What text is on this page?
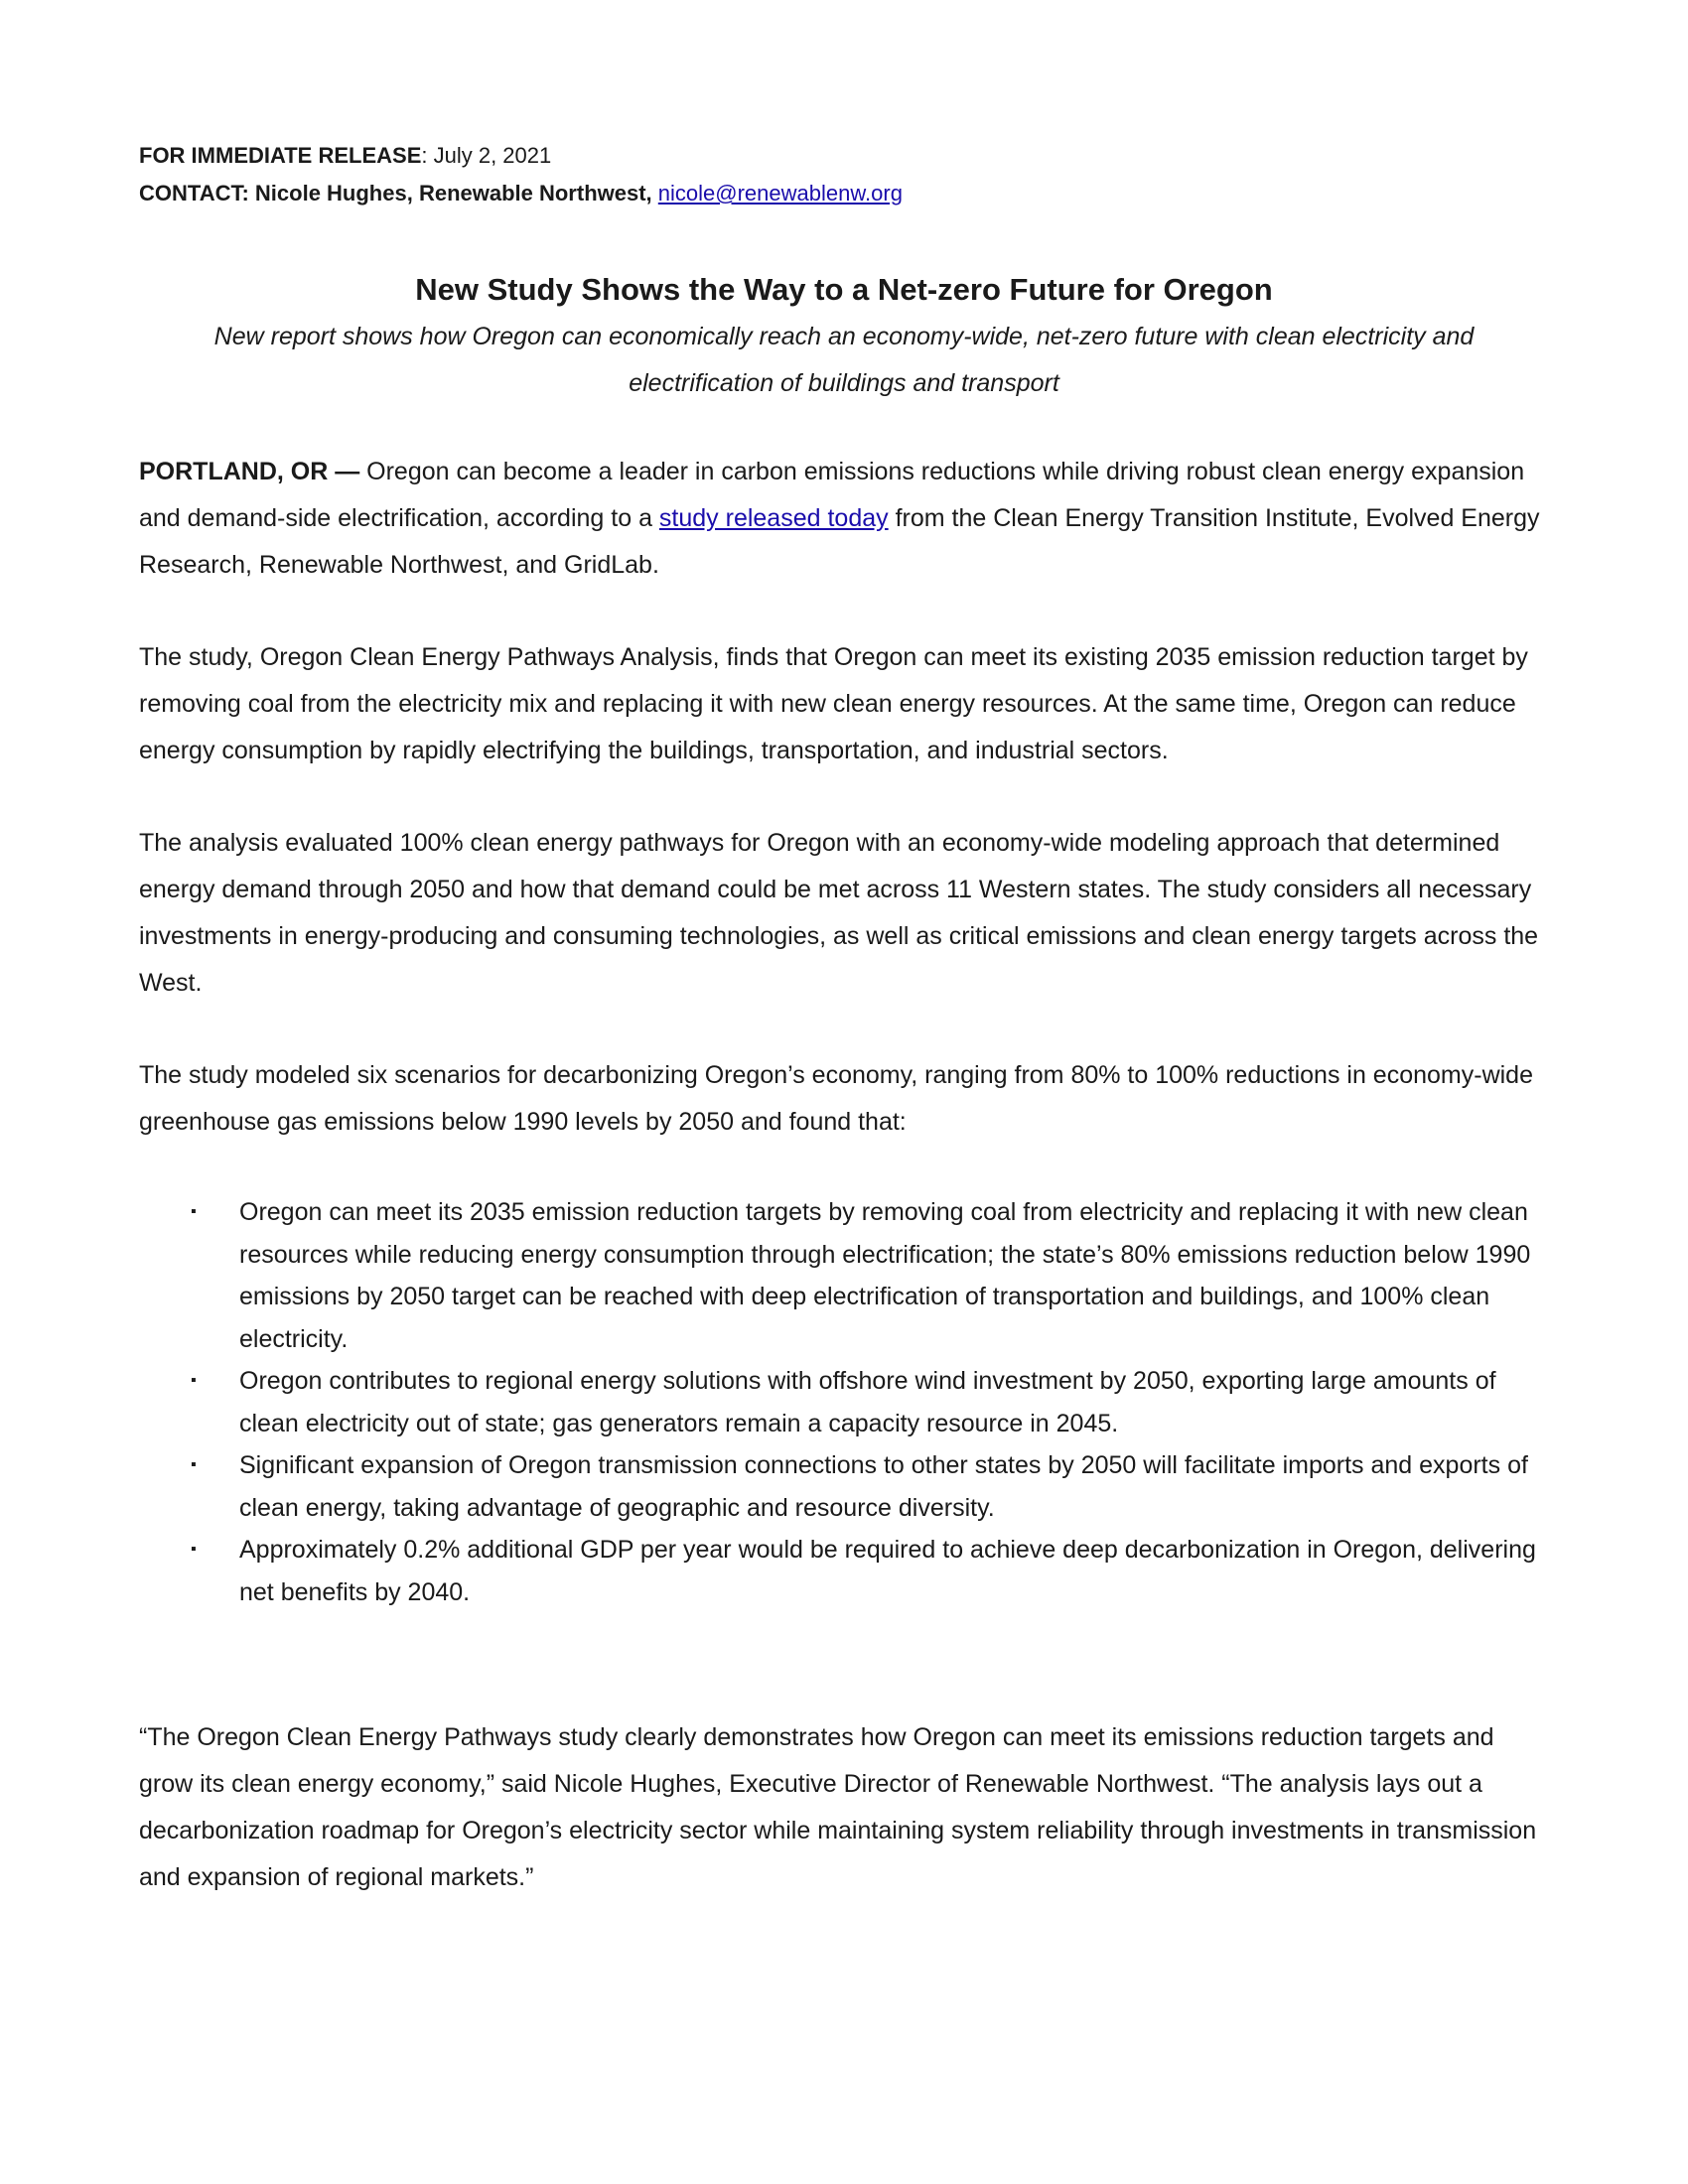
FOR IMMEDIATE RELEASE: July 2, 2021
CONTACT: Nicole Hughes, Renewable Northwest, nicole@renewablenw.org
New Study Shows the Way to a Net-zero Future for Oregon
New report shows how Oregon can economically reach an economy-wide, net-zero future with clean electricity and electrification of buildings and transport

PORTLAND, OR — Oregon can become a leader in carbon emissions reductions while driving robust clean energy expansion and demand-side electrification, according to a study released today from the Clean Energy Transition Institute, Evolved Energy Research, Renewable Northwest, and GridLab.

The study, Oregon Clean Energy Pathways Analysis, finds that Oregon can meet its existing 2035 emission reduction target by removing coal from the electricity mix and replacing it with new clean energy resources. At the same time, Oregon can reduce energy consumption by rapidly electrifying the buildings, transportation, and industrial sectors.

The analysis evaluated 100% clean energy pathways for Oregon with an economy-wide modeling approach that determined energy demand through 2050 and how that demand could be met across 11 Western states. The study considers all necessary investments in energy-producing and consuming technologies, as well as critical emissions and clean energy targets across the West.

The study modeled six scenarios for decarbonizing Oregon’s economy, ranging from 80% to 100% reductions in economy-wide greenhouse gas emissions below 1990 levels by 2050 and found that:

▪ Oregon can meet its 2035 emission reduction targets by removing coal from electricity and replacing it with new clean resources while reducing energy consumption through electrification; the state’s 80% emissions reduction below 1990 emissions by 2050 target can be reached with deep electrification of transportation and buildings, and 100% clean electricity.
▪ Oregon contributes to regional energy solutions with offshore wind investment by 2050, exporting large amounts of clean electricity out of state; gas generators remain a capacity resource in 2045.
▪ Significant expansion of Oregon transmission connections to other states by 2050 will facilitate imports and exports of clean energy, taking advantage of geographic and resource diversity.
▪ Approximately 0.2% additional GDP per year would be required to achieve deep decarbonization in Oregon, delivering net benefits by 2040.

“The Oregon Clean Energy Pathways study clearly demonstrates how Oregon can meet its emissions reduction targets and grow its clean energy economy,” said Nicole Hughes, Executive Director of Renewable Northwest. “The analysis lays out a decarbonization roadmap for Oregon’s electricity sector while maintaining system reliability through investments in transmission and expansion of regional markets.”
